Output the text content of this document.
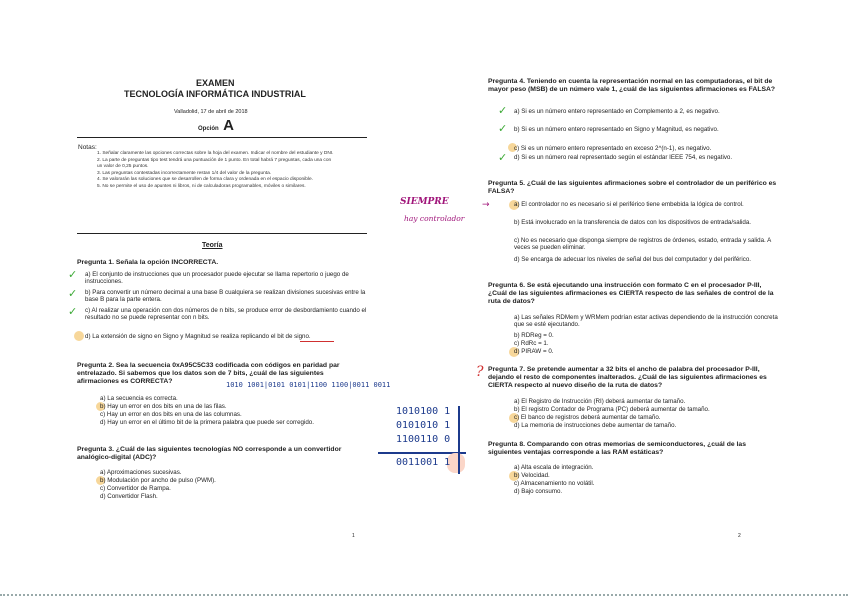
EXAMEN
TECNOLOGÍA INFORMÁTICA INDUSTRIAL
Valladolid, 17 de abril de 2018
Opción A
Notas:
1. Señalar claramente las opciones correctas sobre la hoja del examen. Indicar el nombre del estudiante y DNI.
2. La parte de preguntas tipo test tendrá una puntuación de 1 punto. En total habrá 7 preguntas, cada una con
un valor de 0,25 puntos.
3. Las preguntas contestadas incorrectamente restan 1/4 del valor de la pregunta.
4. Se valorarán las soluciones que se desarrollen de forma clara y ordenada en el espacio disponible.
5. No se permite el uso de apuntes ni libros, ni de calculadoras programables, móviles o similares.
Teoría
Pregunta 1. Señala la opción INCORRECTA.
✓ a) El conjunto de instrucciones que un procesador puede ejecutar se llama repertorio o juego de instrucciones.
✓ b) Para convertir un número decimal a una base B cualquiera se realizan divisiones sucesivas entre la base B para la parte entera.
✓ c) Al realizar una operación con dos números de n bits, se produce error de desbordamiento cuando el resultado no se puede representar con n bits.
d) La extensión de signo en Signo y Magnitud se realiza replicando el bit de signo.
Pregunta 2. Sea la secuencia 0xA95C5C33 codificada con códigos en paridad par entrelazado. Si sabemos que los datos son de 7 bits, ¿cuál de las siguientes afirmaciones es CORRECTA?	1010 1001|0101 0101|1100 1100|0011 0011
a) La secuencia es correcta.
b) Hay un error en dos bits en una de las filas.
c) Hay un error en dos bits en una de las columnas.
d) Hay un error en el último bit de la primera palabra que puede ser corregido.
Pregunta 3. ¿Cuál de las siguientes tecnologías NO corresponde a un convertidor analógico-digital (ADC)?
a) Aproximaciones sucesivas.
b) Modulación por ancho de pulso (PWM).
c) Convertidor de Rampa.
d) Convertidor Flash.
1
1010100 1
0101010 1
1100110 0
0011001 1
Pregunta 4. Teniendo en cuenta la representación normal en las computadoras, el bit de mayor peso (MSB) de un número vale 1, ¿cuál de las siguientes afirmaciones es FALSA?
✓ a) Si es un número entero representado en Complemento a 2, es negativo.
✓ b) Si es un número entero representado en Signo y Magnitud, es negativo.
c) Si es un número entero representado en exceso 2^(n-1), es negativo.
✓ d) Si es un número real representado según el estándar IEEE 754, es negativo.
Pregunta 5. ¿Cuál de las siguientes afirmaciones sobre el controlador de un periférico es FALSA?
SIEMPRE
hay controlador
→	a) El controlador no es necesario si el periférico tiene embebida la lógica de control.
b) Está involucrado en la transferencia de datos con los dispositivos de entrada/salida.
c) No es necesario que disponga siempre de registros de órdenes, estado, entrada y salida. A veces se pueden eliminar.
d) Se encarga de adecuar los niveles de señal del bus del computador y del periférico.
Pregunta 6. Se está ejecutando una instrucción con formato C en el procesador P-III, ¿Cuál de las siguientes afirmaciones es CIERTA respecto de las señales de control de la ruta de datos?
a) Las señales RDMem y WRMem podrían estar activas dependiendo de la instrucción concreta que se esté ejecutando.
b) RDReg = 0.
c) RdRc = 1.
d) PIRAW = 0.
? Pregunta 7. Se pretende aumentar a 32 bits el ancho de palabra del procesador P-III, dejando el resto de componentes inalterados. ¿Cuál de las siguientes afirmaciones es CIERTA respecto al nuevo diseño de la ruta de datos?
a) El Registro de Instrucción (RI) deberá aumentar de tamaño.
b) El registro Contador de Programa (PC) deberá aumentar de tamaño.
c) El banco de registros deberá aumentar de tamaño.
d) La memoria de instrucciones debe aumentar de tamaño.
Pregunta 8. Comparando con otras memorias de semiconductores, ¿cuál de las siguientes ventajas corresponde a las RAM estáticas?
a) Alta escala de integración.
b) Velocidad.
c) Almacenamiento no volátil.
d) Bajo consumo.
2
